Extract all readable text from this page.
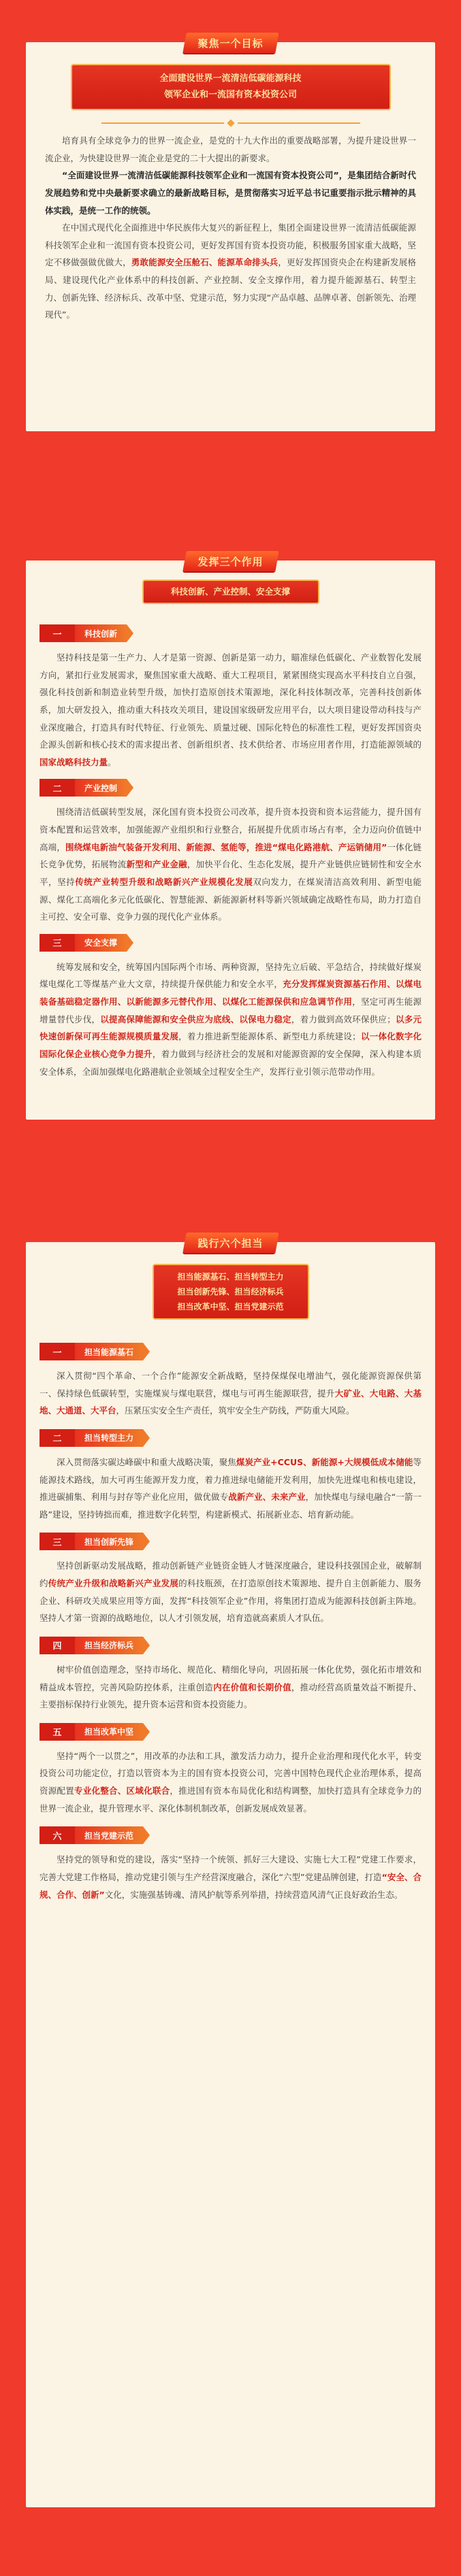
聚焦一个目标
全面建设世界一流清洁低碳能源科技
领军企业和一流国有资本投资公司

培育具有全球竞争力的世界一流企业，是党的十九大作出的重要战略部署，为提升建设世界一流企业，为快建设世界一流企业是党的二十大提出的新要求。

“全面建设世界一流清洁低碳能源科技领军企业和一流国有资本投资公司”，是集团结合新时代发展趋势和党中央最新要求确立的最新战略目标，是贯彻落实习近平总书记重要指示批示精神的具体实践，是统一工作的统领。

在中国式现代化全面推进中华民族伟大复兴的新征程上，集团全面建设世界一流清洁低碳能源科技领军企业和一流国有资本投资公司，更好发挥国有资本投资功能，积极服务国家重大战略，坚定不移做强做优做大，勇敢能源安全压舱石、能源革命排头兵，更好发挥国资央企在构建新发展格局、建设现代化产业体系中的科技创新、产业控制、安全支撑作用，着力提升能源基石、转型主力、创新先锋、经济标兵、改革中坚、党建示范，努力实现“产品卓越、品牌卓著、创新领先、治理现代”。

发挥三个作用
科技创新、产业控制、安全支撑
一	科技创新

坚持科技是第一生产力、人才是第一资源、创新是第一动力，瞄准绿色低碳化、产业数智化发展方向，紧扣行业发展需求，聚焦国家重大战略、重大工程项目，紧紧围绕实现高水平科技自立自强，强化科技创新和制造业转型升级，加快打造原创技术策源地，深化科技体制改革，完善科技创新体系，加大研发投入，推动重大科技攻关项目，建设国家级研发应用平台，以大项目建设带动科技与产业深度融合，打造具有时代特征、行业领先、质量过硬、国际化特色的标准性工程，更好发挥国资央企源头创新和核心技术的需求提出者、创新组织者、技术供给者、市场应用者作用，打造能源领域的国家战略科技力量。

二	产业控制

围绕清洁低碳转型发展，深化国有资本投资公司改革，提升资本投资和资本运营能力，提升国有资本配置和运营效率，加强能源产业组织和行业整合，拓展提升优质市场占有率，全力迈向价值链中高端，围绕煤电新油气装备开发利用、新能源、氢能等，推进“煤电化路港航、产运销储用”一体化链长竞争优势，拓展物流新型和产业金融，加快平台化、生态化发展，提升产业链供应链韧性和安全水平，坚持传统产业转型升级和战略新兴产业规模化发展双向发力，在煤炭清洁高效利用、新型电能源、煤化工高端化多元化低碳化、智慧能源、新能源新材料等新兴领域确定战略性布局，助力打造自主可控、安全可靠、竞争力强的现代化产业体系。

三	安全支撑

统筹发展和安全，统筹国内国际两个市场、两种资源，坚持先立后破、平急结合，持续做好煤炭煤电煤化工等煤基产业大文章，持续提升保供能力和安全水平，充分发挥煤炭资源基石作用、以煤电装备基础稳定器作用、以新能源多元替代作用、以煤化工能源保供和应急调节作用，坚定可再生能源增量替代步伐，以提高保障能源和安全供应为底线、以保电力稳定，着力做到高效环保供应；以多元快速创新保可再生能源规模质量发展，着力推进新型能源体系、新型电力系统建设；以一体化数字化国际化保企业核心竞争力提升，着力做到与经济社会的发展和对能源资源的安全保障，深入构建本质安全体系，全面加强煤电化路港航企业领域全过程安全生产，发挥行业引领示范带动作用。

践行六个担当
担当能源基石、担当转型主力
担当创新先锋、担当经济标兵
担当改革中坚、担当党建示范
一	担当能源基石

深入贯彻“四个革命、一个合作”能源安全新战略，坚持保煤保电增油气，强化能源资源保供第一、保持绿色低碳转型，实施煤炭与煤电联营，煤电与可再生能源联营，提升大矿业、大电路、大基地、大通道、大平台，压紧压实安全生产责任，筑牢安全生产防线，严防重大风险。

二	担当转型主力

深入贯彻落实碳达峰碳中和重大战略决策，聚焦煤炭产业+CCUS、新能源+大规模低成本储能等能源技术路线，加大可再生能源开发力度，着力推进绿电储能开发利用，加快先进煤电和核电建设，推进碳捕集、利用与封存等产业化应用，做优做专战新产业、未来产业，加快煤电与绿电融合“一箭一路”建设，坚持铸拙而难，推进数字化转型，构建新模式、拓展新业态、培育新动能。

三	担当创新先锋

坚持创新驱动发展战略，推动创新链产业链资金链人才链深度融合，建设科技强国企业，破解制约传统产业升级和战略新兴产业发展的科技瓶颈，在打造原创技术策源地、提升自主创新能力、服务企业、科研攻关成果应用等方面，发挥“科技领军企业”作用，将集团打造成为能源科技创新主阵地。坚持人才第一资源的战略地位，以人才引领发展，培育造就高素质人才队伍。

四	担当经济标兵

树牢价值创造理念，坚持市场化、规范化、精细化导向，巩固拓展一体化优势，强化拓市增效和精益成本管控，完善风险防控体系，注重创造内在价值和长期价值，推动经营高质量效益不断提升、主要指标保持行业领先，提升资本运营和资本投资能力。

五	担当改革中坚

坚持“两个一以贯之”，用改革的办法和工具，激发活力动力，提升企业治理和现代化水平，转变投资公司功能定位，打造以管资本为主的国有资本投资公司，完善中国特色现代企业治理体系，提高资源配置专业化整合、区域化联合，推进国有资本布局优化和结构调整，加快打造具有全球竞争力的世界一流企业，提升管理水平、深化体制机制改革，创新发展成效显著。

六	担当党建示范

坚持党的领导和党的建设，落实“坚持一个统领、抓好三大建设、实施七大工程”党建工作要求，完善大党建工作格局，推动党建引领与生产经营深度融合，深化“六型”党建品牌创建，打造“安全、合规、合作、创新”文化，实施强基铸魂、清风护航等系列举措，持续营造风清气正良好政治生态。
